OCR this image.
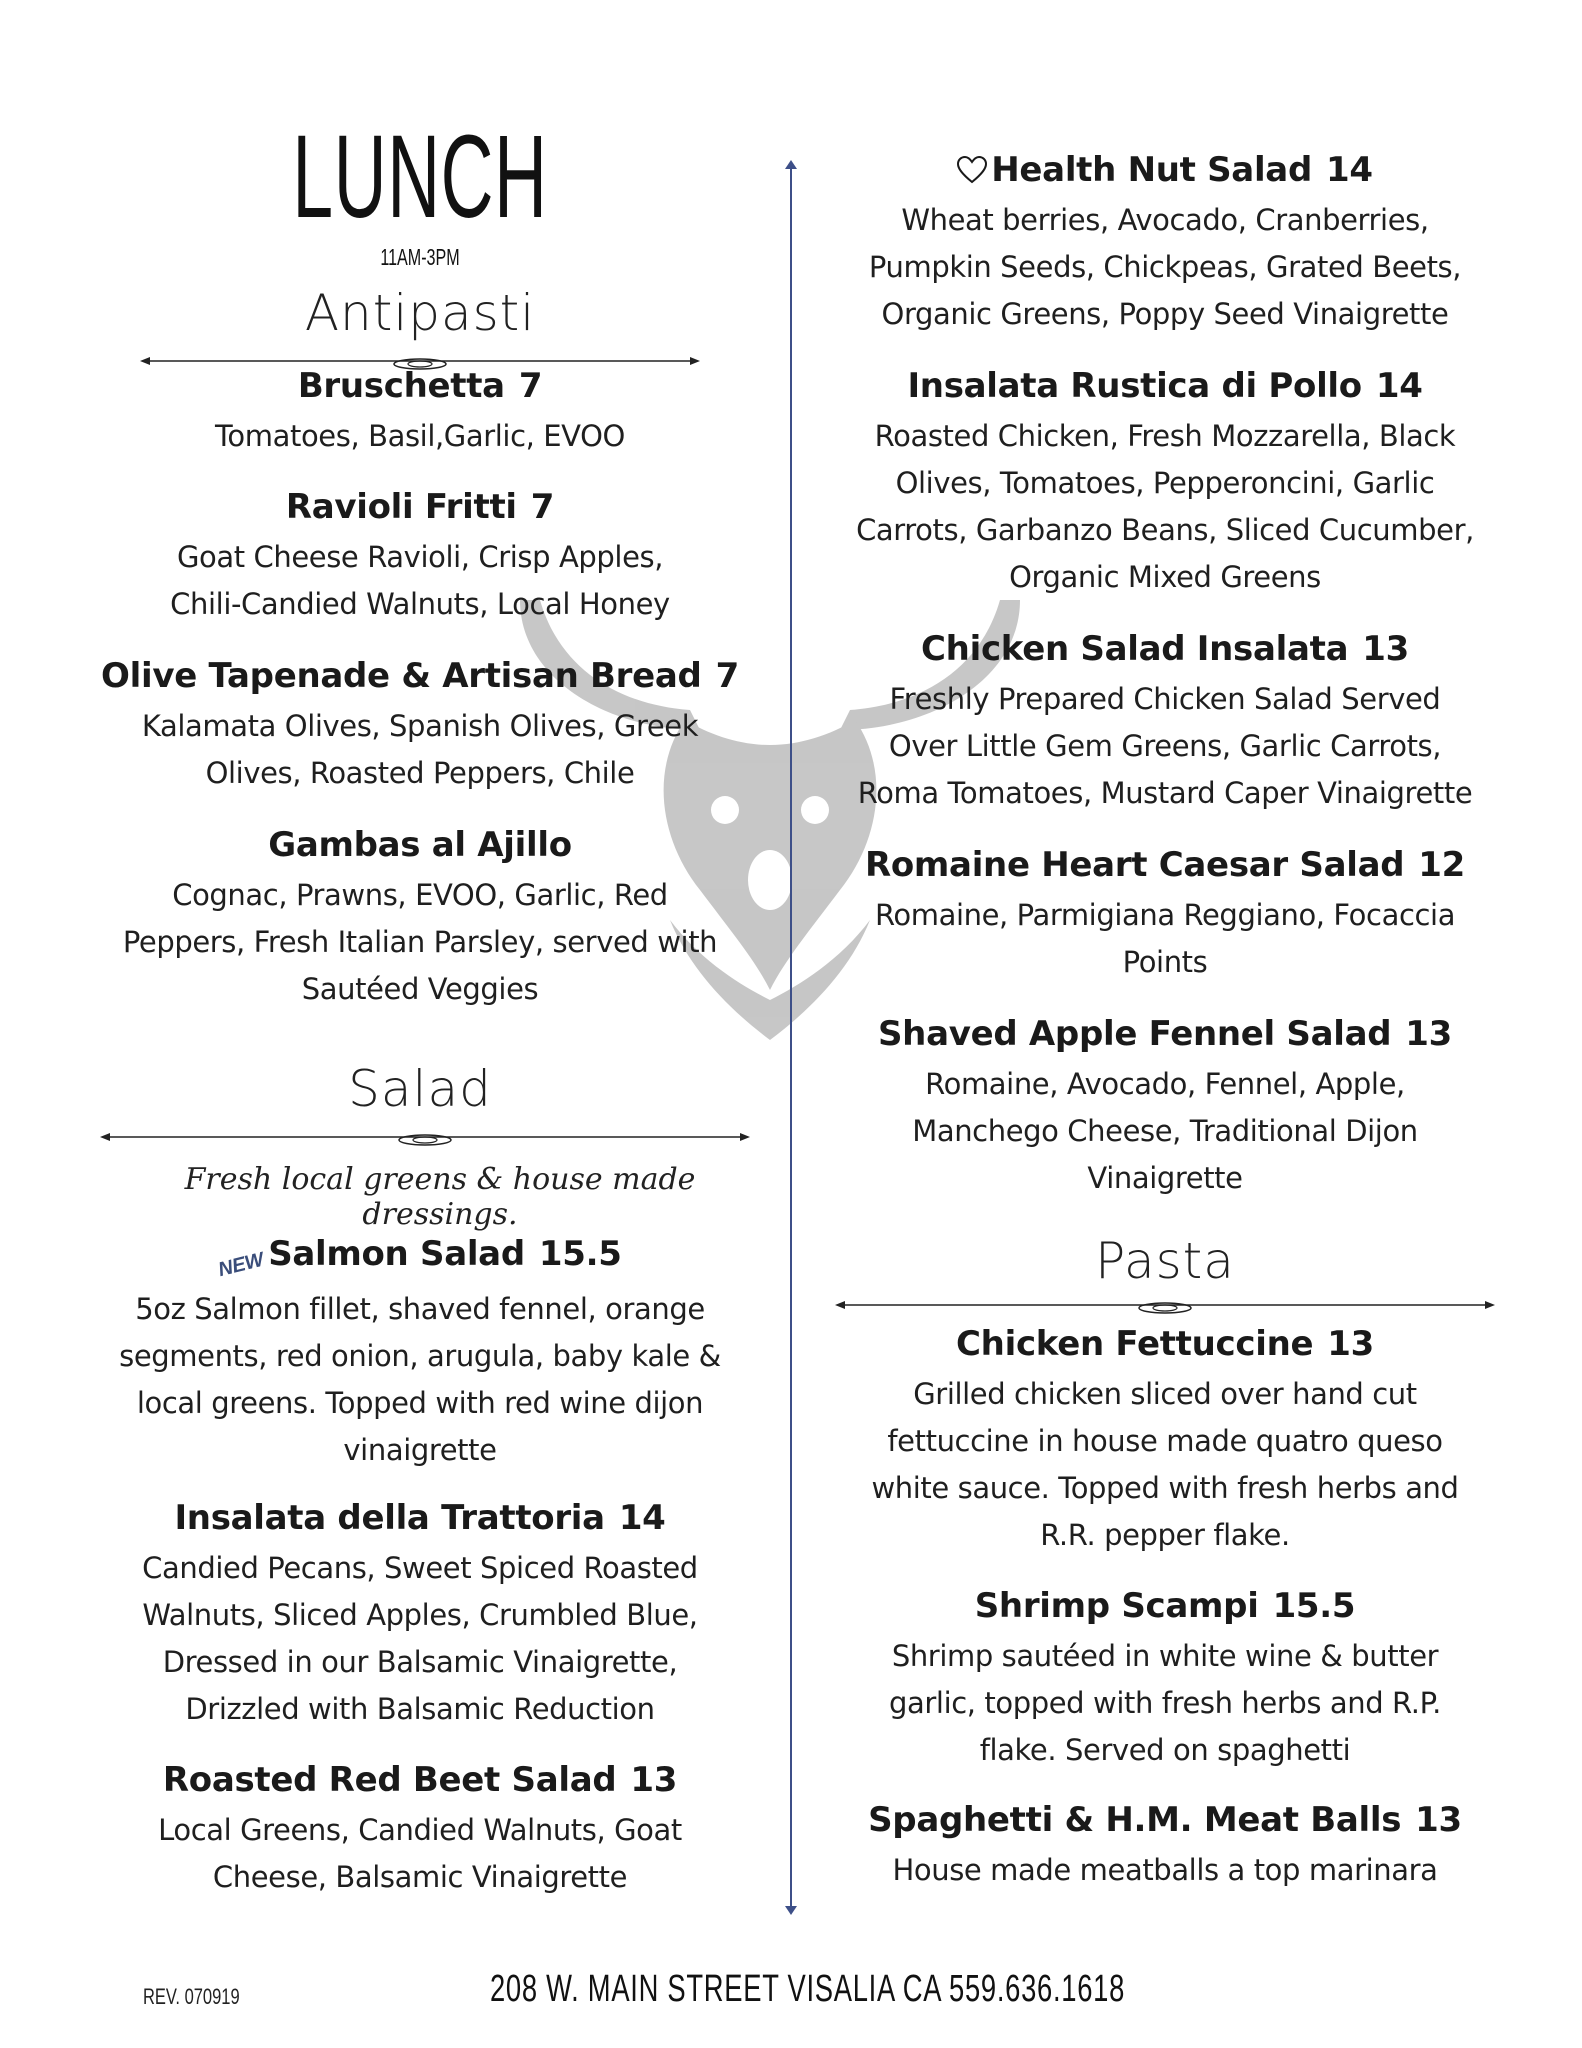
LUNCH
11AM-3PM
Antipasti
Bruschetta 7
Tomatoes, Basil,Garlic, EVOO
Ravioli Fritti 7
Goat Cheese Ravioli, Crisp Apples,
Chili-Candied Walnuts, Local Honey
Olive Tapenade & Artisan Bread 7
Kalamata Olives, Spanish Olives, Greek
Olives, Roasted Peppers, Chile
Gambas al Ajillo
Cognac, Prawns, EVOO, Garlic, Red
Peppers, Fresh Italian Parsley, served with
Sautéed Veggies
Salad
Fresh local greens & house made dressings.
NEWSalmon Salad 15.5
5oz Salmon fillet, shaved fennel, orange
segments, red onion, arugula, baby kale &
local greens. Topped with red wine dijon
vinaigrette
Insalata della Trattoria 14
Candied Pecans, Sweet Spiced Roasted
Walnuts, Sliced Apples, Crumbled Blue,
Dressed in our Balsamic Vinaigrette,
Drizzled with Balsamic Reduction
Roasted Red Beet Salad 13
Local Greens, Candied Walnuts, Goat
Cheese, Balsamic Vinaigrette
Health Nut Salad 14
Wheat berries, Avocado, Cranberries,
Pumpkin Seeds, Chickpeas, Grated Beets,
Organic Greens, Poppy Seed Vinaigrette
Insalata Rustica di Pollo 14
Roasted Chicken, Fresh Mozzarella, Black
Olives, Tomatoes, Pepperoncini, Garlic
Carrots, Garbanzo Beans, Sliced Cucumber,
Organic Mixed Greens
Chicken Salad Insalata 13
Freshly Prepared Chicken Salad Served
Over Little Gem Greens, Garlic Carrots,
Roma Tomatoes, Mustard Caper Vinaigrette
Romaine Heart Caesar Salad 12
Romaine, Parmigiana Reggiano, Focaccia
Points
Shaved Apple Fennel Salad 13
Romaine, Avocado, Fennel, Apple,
Manchego Cheese, Traditional Dijon
Vinaigrette
Pasta
Chicken Fettuccine 13
Grilled chicken sliced over hand cut
fettuccine in house made quatro queso
white sauce. Topped with fresh herbs and
R.R. pepper flake.
Shrimp Scampi 15.5
Shrimp sautéed in white wine & butter
garlic, topped with fresh herbs and R.P.
flake. Served on spaghetti
Spaghetti & H.M. Meat Balls 13
House made meatballs a top marinara
REV. 070919	208 W. MAIN STREET VISALIA CA 559.636.1618
